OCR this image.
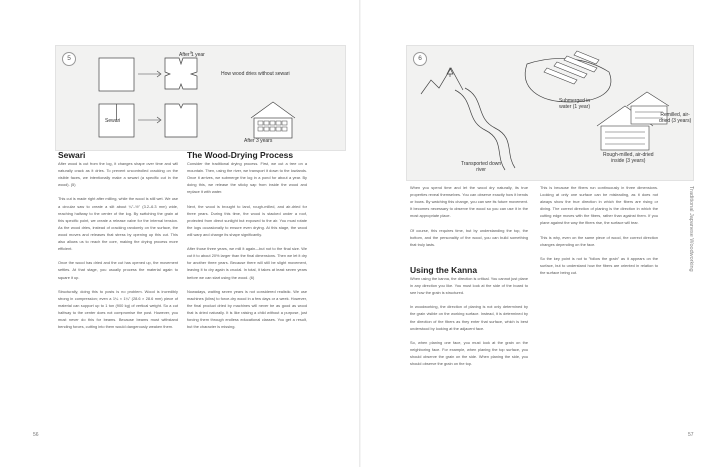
5	After 1 year
How wood dries without sewari
Sewari
After 3 years
Sewari

After wood is cut from the log, it changes shape over time and will naturally crack as it dries. To prevent uncontrolled cracking on the visible faces, we intentionally make a sewari (a specific cut in the wood). (5)

This cut is made right after milling, while the wood is still wet. We use a circular saw to create a slit about ¼"–½" (3.2–6.3 mm) wide, reaching halfway to the center of the log. By switching the grain at this specific point, we create a release valve for the internal tension. As the wood dries, instead of cracking randomly on the surface, the wood moves and releases that stress by opening up this cut. This also allows us to reach the core, making the drying process more efficient.

Once the wood has dried and the cut has opened up, the movement settles. At that stage, you usually process the material again to square it up.

Structurally, doing this to posts is no problem. Wood is incredibly strong in compression; even a 1¼ × 1¼" (28.6 × 28.6 mm) piece of material can support up to 1 ton (900 kg) of vertical weight. So a cut halfway to the center does not compromise the post. However, you must never do this for beams. Because beams must withstand bending forces, cutting into them would dangerously weaken them.

The Wood-Drying Process

Consider the traditional drying process. First, we cut a tree on a mountain. Then, using the river, we transport it down to the lowlands. Once it arrives, we submerge the log in a pond for about a year. By doing this, we release the sticky sap from inside the wood and replace it with water.

Next, the wood is brought to land, rough-milled, and air-dried for three years. During this time, the wood is stacked under a roof, protected from direct sunlight but exposed to the air. You must rotate the logs occasionally to ensure even drying. At this stage, the wood will warp and change its shape significantly.

After those three years, we mill it again—but not to the final size. We cut it to about 20% larger than the final dimensions. Then we let it dry for another three years. Because there will still be slight movement, leaving it to dry again is crucial. In total, it takes at least seven years before we can start using the wood. (6)

Nowadays, waiting seven years is not considered realistic. We use machines (kilns) to force-dry wood in a few days or a week. However, the final product dried by machines will never be as good as wood that is dried naturally. It is like raising a child without a purpose, just forcing them through endless educational classes. You get a result, but the character is missing.

56
6
Submerged in
water (1 year)
Transported down
river
Rough-milled, air-dried
inside (3 years)
Remilled, air-
dried (3 years)

When you spend time and let the wood dry naturally, its true properties reveal themselves. You can observe exactly how it bends or bows. By watching this change, you can see its future movement. It becomes necessary to observe the wood so you can use it in the most appropriate place.

Of course, this requires time, but by understanding the top, the bottom, and the personality of the wood, you can build something that truly lasts.

Using the Kanna

When using the kanna, the direction is critical. You cannot just plane in any direction you like. You must look at the side of the board to see how the grain is structured.

In woodworking, the direction of planing is not only determined by the grain visible on the working surface. Instead, it is determined by the direction of the fibers as they enter that surface, which is best understood by looking at the adjacent face.

So, when planing one face, you must look at the grain on the neighboring face. For example, when planing the top surface, you should observe the grain on the side. When planing the side, you should observe the grain on the top.

This is because the fibers run continuously in three dimensions. Looking at only one surface can be misleading, as it does not always show the true direction in which the fibers are rising or diving. The correct direction of planing is the direction in which the cutting edge moves with the fibers, rather than against them. If you plane against the way the fibers rise, the surface will tear.

This is why, even on the same piece of wood, the correct direction changes depending on the face.

So the key point is not to "follow the grain" as it appears on the surface, but to understand how the fibers are oriented in relation to the surface being cut.

57
Traditional Japanese Woodworking
